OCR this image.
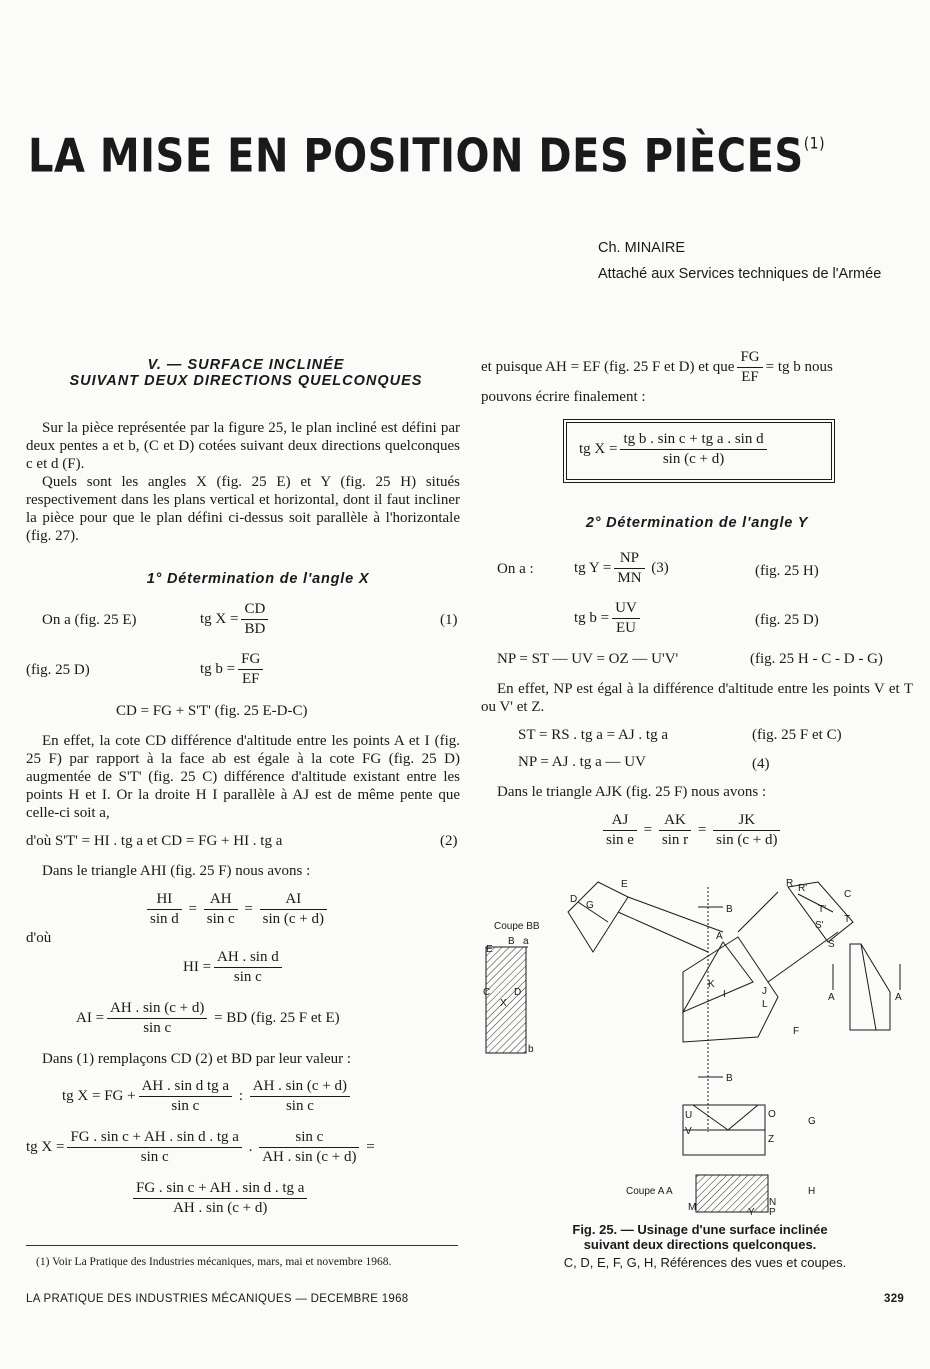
LA MISE EN POSITION DES PIÈCES$^{(1)}$
Ch. MINAIRE
Attaché aux Services techniques de l'Armée
V. — SURFACE INCLINÉE
SUIVANT DEUX DIRECTIONS QUELCONQUES
Sur la pièce représentée par la figure 25, le plan incliné est défini par deux pentes a et b, (C et D) cotées suivant deux directions quelconques c et d (F).
Quels sont les angles X (fig. 25 E) et Y (fig. 25 H) situés respectivement dans les plans vertical et horizontal, dont il faut incliner la pièce pour que le plan défini ci-dessus soit parallèle à l'horizontale (fig. 27).
1° Détermination de l'angle X
On a (fig. 25 E)	tg $X = \frac{CD}{BD}$	(1)
(fig. 25 D)	tg $b = \frac{FG}{EF}$
CD = FG + S'T' (fig. 25 E-D-C)
En effet, la cote CD différence d'altitude entre les points A et I (fig. 25 F) par rapport à la face ab est égale à la cote FG (fig. 25 D) augmentée de S'T' (fig. 25 C) différence d'altitude existant entre les points H et I. Or la droite H I parallèle à AJ est de même pente que celle-ci soit a,
d'où S'T' = HI . tg a et CD = FG + HI . tg a	(2)
Dans le triangle AHI (fig. 25 F) nous avons :
$\frac{HI}{\text{sin d}} = \frac{AH}{\text{sin c}} = \frac{AI}{\sin (c + d)}$
d'où
HI = $\frac{\text{AH . sin d}}{\text{sin c}}$
AI = $\frac{AH . \sin (c + d)}{\text{sin c}}$ = BD (fig. 25 F et E)
Dans (1) remplaçons CD (2) et BD par leur valeur :
tg X = FG + $\frac{\text{AH . sin d tg a}}{\text{sin c}}$ : $\frac{AH . \sin (c + d)}{\text{sin c}}$
tg $X = \frac{\text{FG . sin c + AH . sin d . tg a}}{\text{sin c}}$ . $\frac{\text{sin c}}{AH . \sin (c + d)}$ =
$\frac{\text{FG . sin c + AH . sin d . tg a}}{AH . \sin (c + d)}$
(1) Voir La Pratique des Industries mécaniques, mars, mai et novembre 1968.
et puisque AH = EF (fig. 25 F et D) et que $\frac{FG}{EF}$ = tg b nous
pouvons écrire finalement :
tg $X = \frac{\text{tg b . sin c + tg a . sin d}}{\sin (c + d)}$
2° Détermination de l'angle Y
On a :	tg $Y = \frac{NP}{MN} (3)$	(fig. 25 H)
tg $b = \frac{UV}{EU}$	(fig. 25 D)
NP = ST — UV = OZ — U'V'	(fig. 25 H - C - D - G)
En effet, NP est égal à la différence d'altitude entre les points V et T ou V' et Z.
ST = RS . tg a = AJ . tg a	(fig. 25 F et C)
NP = AJ . tg a — UV	(4)
Dans le triangle AJK (fig. 25 F) nous avons :
$\frac{AJ}{\text{sin e}} = \frac{AK}{\text{sin r}} = \frac{JK}{\sin (c + d)}$
Coupe BB
E
B a
C D
X
b
D
E
G	B
A
K
I	J
L
F
R R'
C
T'
S'
T
S
A	A
B
U
V
O
Z
G
Coupe A A
M	N
P
Y
H
Fig. 25. — Usinage d'une surface inclinée
suivant deux directions quelconques.
C, D, E, F, G, H, Références des vues et coupes.
LA PRATIQUE DES INDUSTRIES MÉCANIQUES — DECEMBRE 1968	329
